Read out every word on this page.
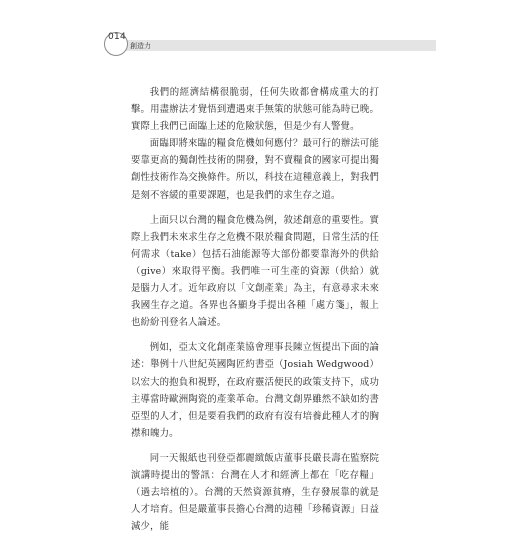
014
創造力

我們的經濟結構很脆弱，任何失敗都會構成重大的打擊。用盡辦法才覺悟到遭遇束手無策的狀態可能為時已晚。實際上我們已面臨上述的危險狀態，但是少有人警覺。

面臨即將來臨的糧食危機如何應付？最可行的辦法可能要靠更高的獨創性技術的開發，對不賣糧食的國家可提出獨創性技術作為交換條件。所以，科技在這種意義上，對我們是刻不容緩的重要課題，也是我們的求生存之道。

上面只以台灣的糧食危機為例，敘述創意的重要性。實際上我們未來求生存之危機不限於糧食問題，日常生活的任何需求（take）包括石油能源等大部份都要靠海外的供給（give）來取得平衡。我們唯一可生產的資源（供給）就是腦力人才。近年政府以「文創產業」為主，有意尋求未來我國生存之道。各界也各顯身手提出各種「處方箋」，報上也紛紛刊登名人論述。

例如，亞太文化創產業協會理事長陳立恆提出下面的論述：舉例十八世紀英國陶匠約書亞（Josiah Wedgwood）以宏大的抱負和視野，在政府靈活便民的政策支持下，成功主導當時歐洲陶瓷的產業革命。台灣文創界雖然不缺如約書亞型的人才，但是要看我們的政府有沒有培養此種人才的胸襟和魄力。

同一天報紙也刊登亞都麗緻飯店董事長嚴長壽在監察院演講時提出的警訊：台灣在人才和經濟上都在「吃存糧」（過去培植的）。台灣的天然資源貧瘠，生存發展靠的就是人才培育。但是嚴董事長擔心台灣的這種「珍稀資源」日益減少，能
